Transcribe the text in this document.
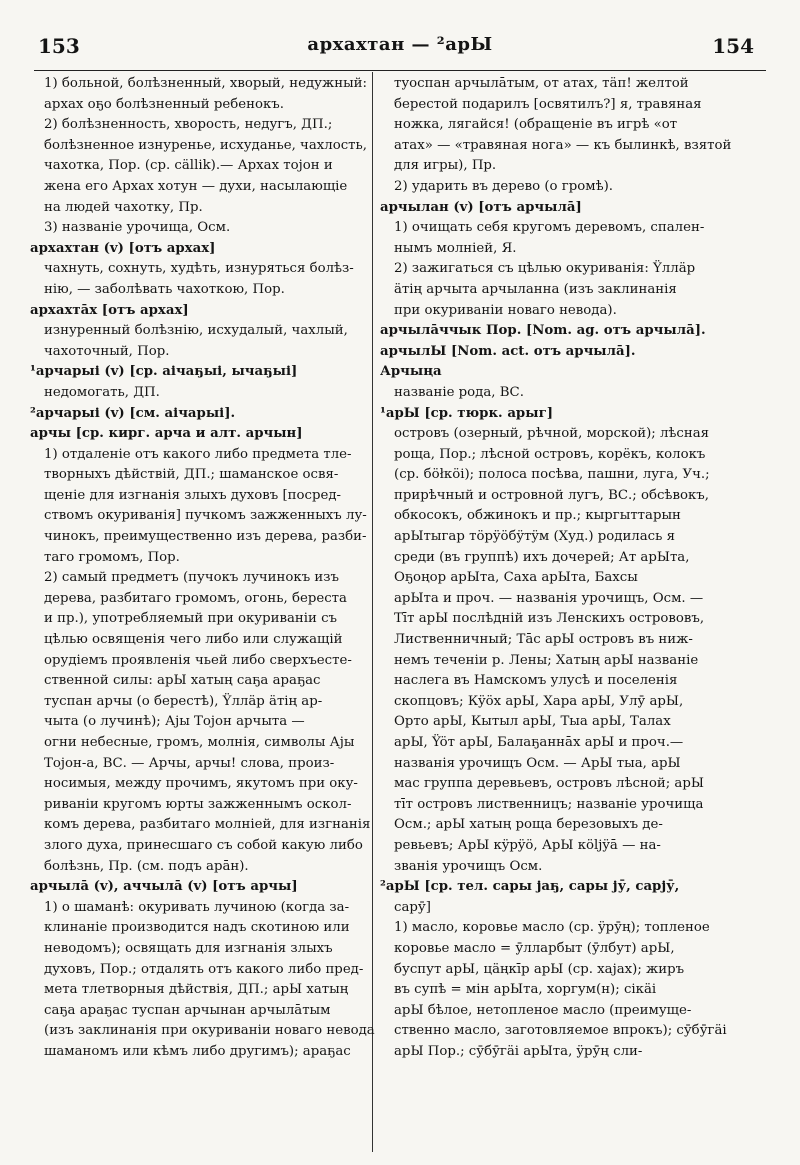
153	архахтан — ²арЫ	154
1) больной, болѣзненный, хворый, недужный:
архах оҕо болѣзненный ребенокъ.
2) болѣзненность, хворость, недугъ, ДП.;
болѣзненное изнуренье, исхуданье, чахлость,
чахотка, Пор. (ср. cällik).— Архах тојон и
жена его Архах хотун — духи, насылающіе
на людей чахотку, Пр.
3) названіе урочища, Осм.
архахтан (v) [отъ архах]
чахнуть, сохнуть, худѣть, изнуряться болѣз-
нію, — заболѣвать чахоткою, Пор.
архахтāх [отъ архах]
изнуренный болѣзнію, исхудалый, чахлый,
чахоточный, Пор.
¹арчарыі (v) [ср. aічаҕыі, ычаҕыі]
недомогать, ДП.
²арчарыі (v) [см. aічарыі].
арчы [ср. кирг. арча и алт. арчын]
1) отдаленіе отъ какого либо предмета тле-
творныхъ дѣйствій, ДП.; шаманское освя-
щеніе для изгнанія злыхъ духовъ [посред-
ствомъ окуриванія] пучкомъ зажженныхъ лу-
чинокъ, преимущественно изъ дерева, разби-
таго громомъ, Пор.
2) самый предметъ (пучокъ лучинокъ изъ
дерева, разбитаго громомъ, огонь, береста
и пр.), употребляемый при окуриваніи съ
цѣлью освященія чего либо или служащій
орудіемъ проявленія чьей либо сверхъесте-
ственной силы: арЫ хатың саҕа араҕас
туспан арчы (о берестѣ), Ÿллäр äтің ар-
чыта (о лучинѣ); Ајы Тојон арчыта —
огни небесные, громъ, молнія, символы Ајы
Тојон-а, ВС. — Арчы, арчы! слова, произ-
носимыя, между прочимъ, якутомъ при оку-
риваніи кругомъ юрты зажженнымъ оскол-
комъ дерева, разбитаго молніей, для изгнанія
злого духа, принесшаго съ собой какую либо
болѣзнь, Пр. (см. подъ арāн).
арчылā (v), аччылā (v) [отъ арчы]
1) о шаманѣ: окуривать лучиною (когда за-
клинаніе производится надъ скотиною или
неводомъ); освящать для изгнанія злыхъ
духовъ, Пор.; отдалять отъ какого либо пред-
мета тлетворныя дѣйствія, ДП.; арЫ хатың
саҕа араҕас туспан арчынан арчылāтым
(изъ заклинанія при окуриваніи новаго невода
шаманомъ или кѣмъ либо другимъ); араҕас
туоспан арчылāтым, от атах, тäп! желтой
берестой подарилъ [освятилъ?] я, травяная
ножка, лягайся! (обращеніе въ игрѣ «от
атах» — «травяная нога» — къ былинкѣ, взятой
для игры), Пр.
2) ударить въ дерево (о громѣ).
арчылан (v) [отъ арчылā]
1) очищать себя кругомъ деревомъ, спален-
нымъ молніей, Я.
2) зажигаться съ цѣлью окуриванія: Ÿллäр
äтің арчыта арчыланна (изъ заклинанія
при окуриваніи новаго невода).
арчылāччык Пор. [Nom. ag. отъ арчылā].
арчылЫ [Nom. act. отъ арчылā].
Арчыңа
названіе рода, ВС.
¹арЫ [ср. тюрк. арыг]
островъ (озерный, рѣчной, морской); лѣсная
роща, Пор.; лѣсной островъ, корёкъ, колокъ
(ср. бöłкöі); полоса посѣва, пашни, луга, Уч.;
прирѣчный и островной лугъ, ВС.; обсѣвокъ,
обкосокъ, обжинокъ и пр.; кыргыттарын
арЫтыгар тöрÿöбÿтÿм (Худ.) родилась я
среди (въ группѣ) ихъ дочерей; Ат арЫта,
Оҕоңор арЫта, Саха арЫта, Бахсы
арЫта и проч. — названія урочищъ, Осм. —
Тīт арЫ послѣдній изъ Ленскихъ острововъ,
Лиственничный; Тāс арЫ островъ въ ниж-
немъ теченіи р. Лены; Хатың арЫ названіе
наслега въ Намскомъ улусѣ и поселенія
скопцовъ; Кÿöх арЫ, Хара арЫ, Улӯ арЫ,
Орто арЫ, Кытыл арЫ, Тыа арЫ, Талах
арЫ, Ÿöт арЫ, Балаҕаннāх арЫ и проч.—
названія урочищъ Осм. — АрЫ тыа, арЫ
мас группа деревьевъ, островъ лѣсной; арЫ
тīт островъ лиственницъ; названіе урочища
Осм.; арЫ хатың роща березовыхъ де-
ревьевъ; АрЫ кÿрÿö, АрЫ кöljÿā — на-
званія урочищъ Осм.
²арЫ [ср. тел. сары јаҕ, сары јӯ, сарјӯ,
сарӯ]
1) масло, коровье масло (ср. ÿрӯң); топленое
коровье масло = ӯлларбыт (ӯлбут) арЫ,
буспут арЫ, цäңкīр арЫ (ср. хајах); жиръ
въ супѣ = мін арЫта, хоргум(н); сікäі
арЫ бѣлое, нетопленое масло (преимуще-
ственно масло, заготовляемое впрокъ); сӯбӯгäі
арЫ Пор.; сӯбӯгäі арЫта, ÿрӯң сли-
